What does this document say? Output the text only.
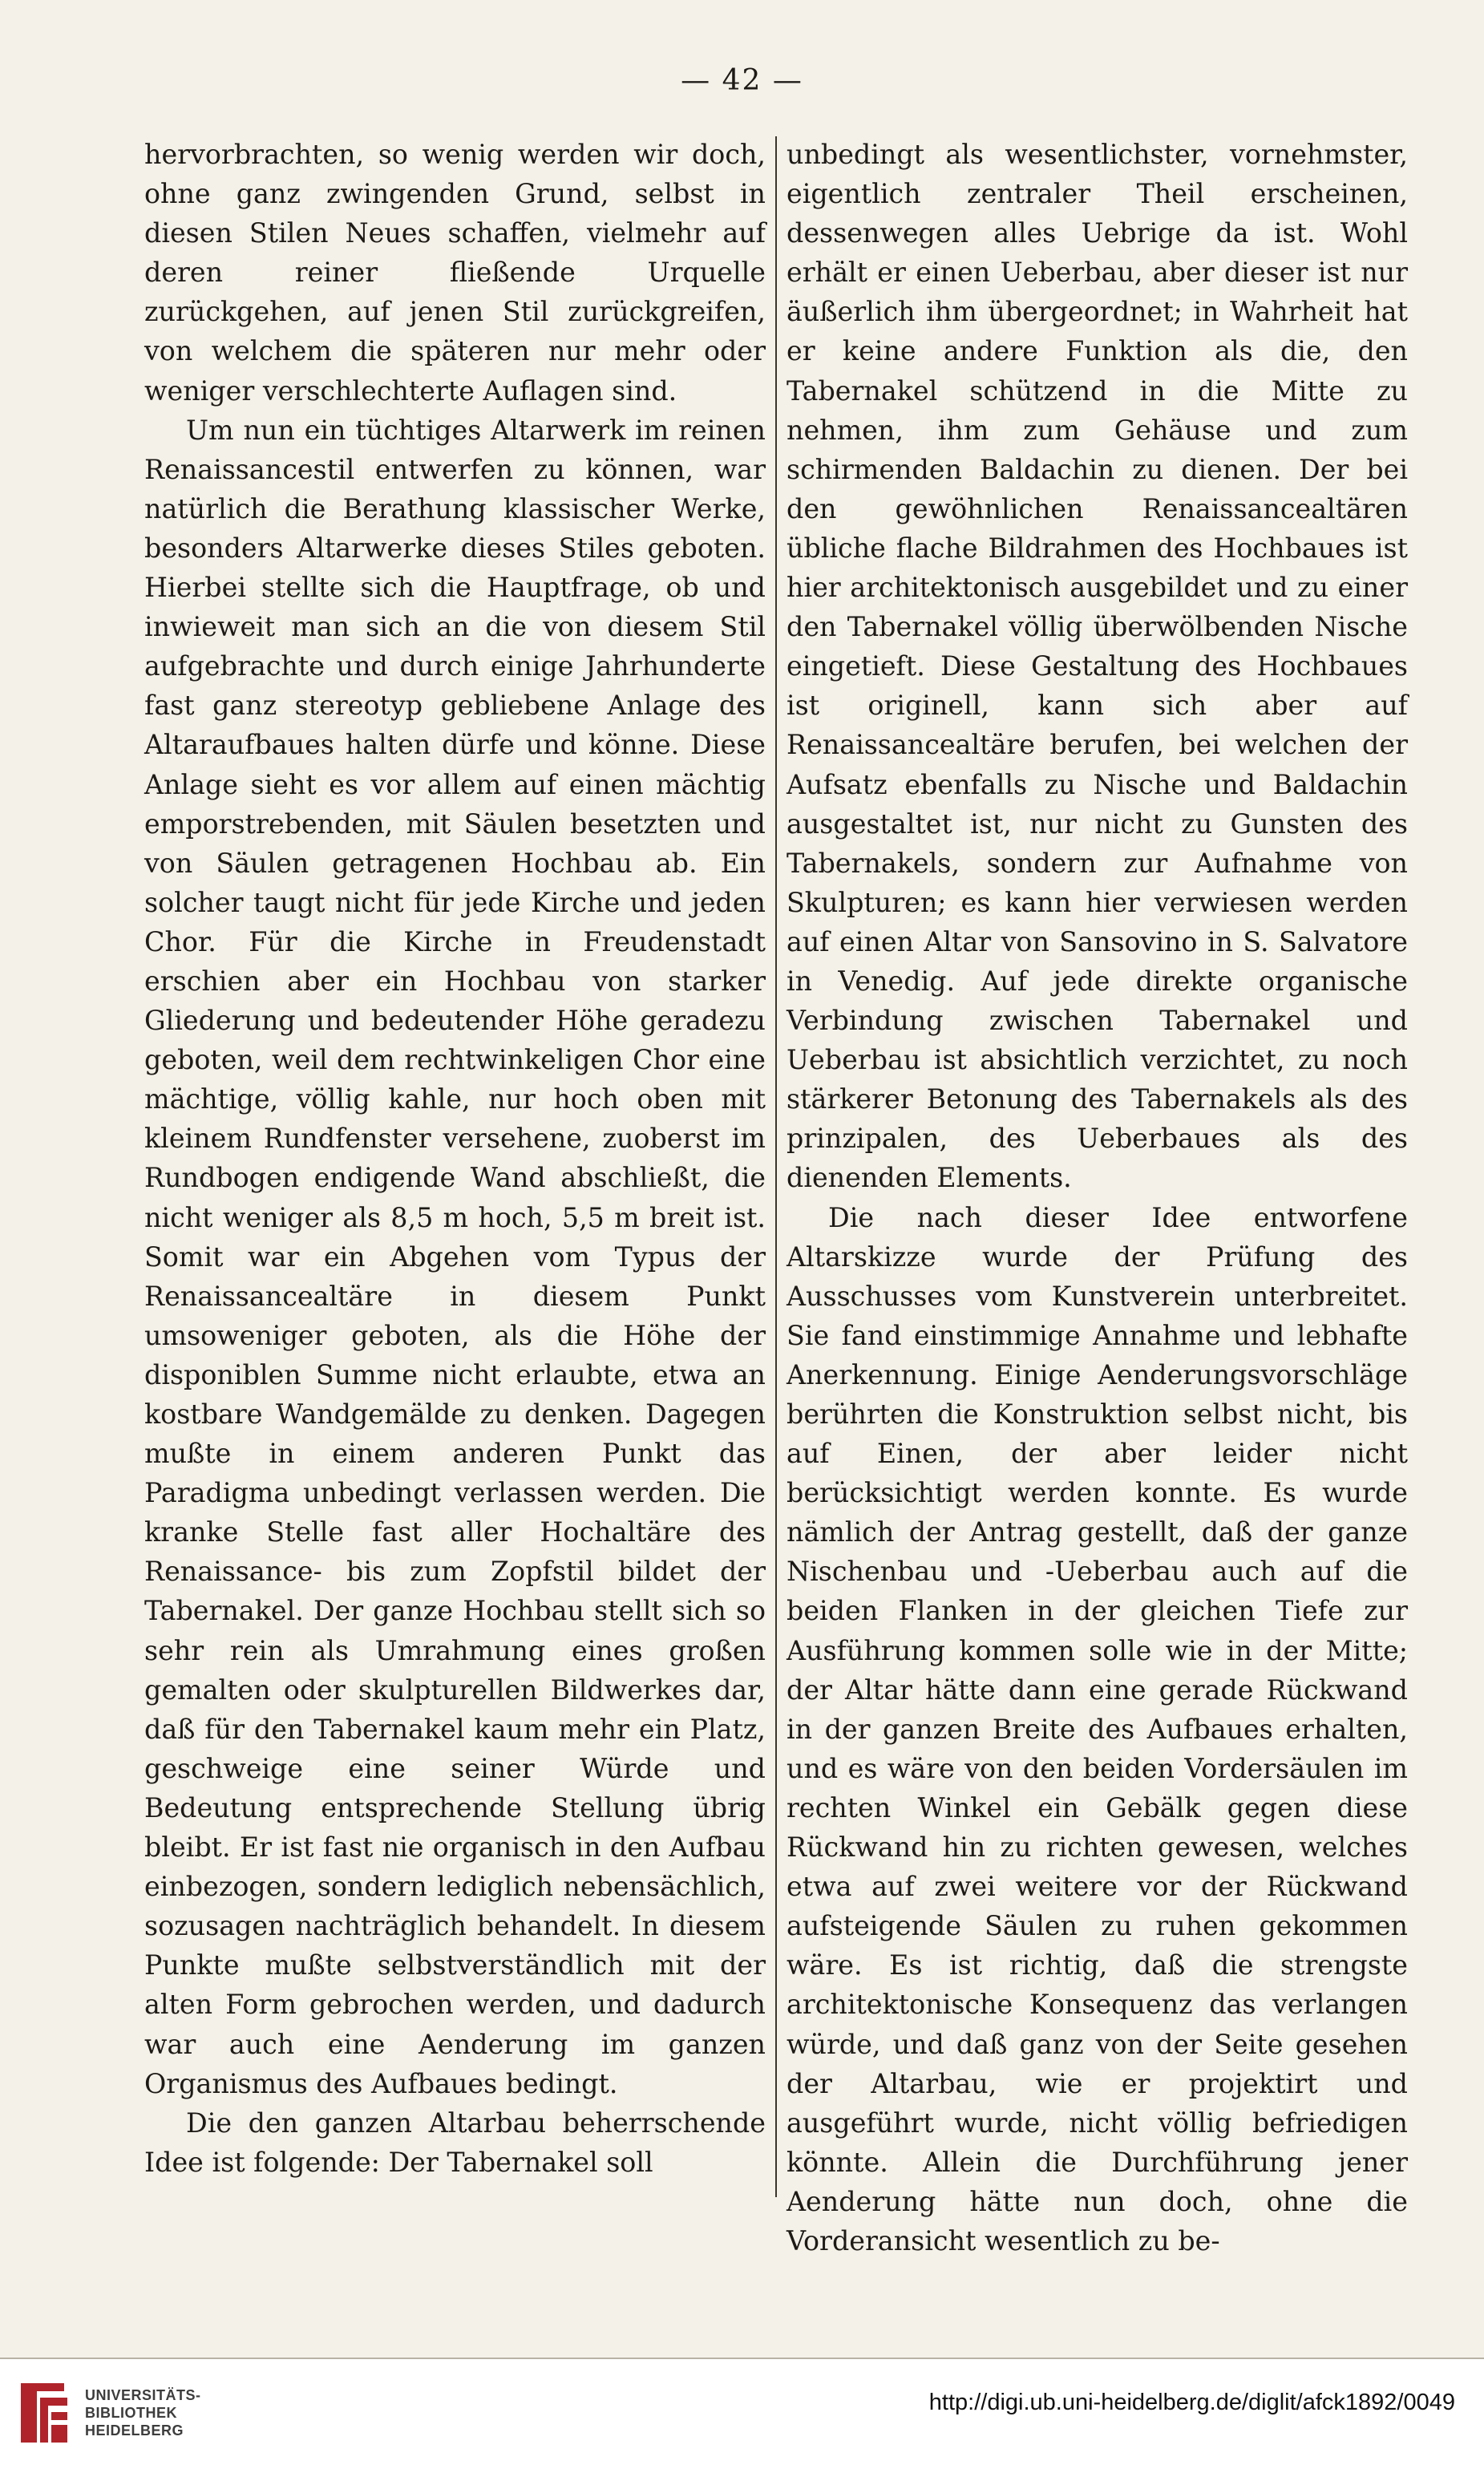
— 42 —

hervorbrachten, so wenig werden wir doch, ohne ganz zwingenden Grund, selbst in diesen Stilen Neues schaffen, vielmehr auf deren reiner fließende Urquelle zurückgehen, auf jenen Stil zurückgreifen, von welchem die späteren nur mehr oder weniger verschlechterte Auflagen sind.

Um nun ein tüchtiges Altarwerk im reinen Renaissancestil entwerfen zu können, war natürlich die Berathung klassischer Werke, besonders Altarwerke dieses Stiles geboten. Hierbei stellte sich die Hauptfrage, ob und inwieweit man sich an die von diesem Stil aufgebrachte und durch einige Jahrhunderte fast ganz stereotyp gebliebene Anlage des Altaraufbaues halten dürfe und könne. Diese Anlage sieht es vor allem auf einen mächtig emporstrebenden, mit Säulen besetzten und von Säulen getragenen Hochbau ab. Ein solcher taugt nicht für jede Kirche und jeden Chor. Für die Kirche in Freudenstadt erschien aber ein Hochbau von starker Gliederung und bedeutender Höhe geradezu geboten, weil dem rechtwinkeligen Chor eine mächtige, völlig kahle, nur hoch oben mit kleinem Rundfenster versehene, zuoberst im Rundbogen endigende Wand abschließt, die nicht weniger als 8,5 m hoch, 5,5 m breit ist. Somit war ein Abgehen vom Typus der Renaissancealtäre in diesem Punkt umsoweniger geboten, als die Höhe der disponiblen Summe nicht erlaubte, etwa an kostbare Wandgemälde zu denken. Dagegen mußte in einem anderen Punkt das Paradigma unbedingt verlassen werden. Die kranke Stelle fast aller Hochaltäre des Renaissance- bis zum Zopfstil bildet der Tabernakel. Der ganze Hochbau stellt sich so sehr rein als Umrahmung eines großen gemalten oder skulpturellen Bildwerkes dar, daß für den Tabernakel kaum mehr ein Platz, geschweige eine seiner Würde und Bedeutung entsprechende Stellung übrig bleibt. Er ist fast nie organisch in den Aufbau einbezogen, sondern lediglich nebensächlich, sozusagen nachträglich behandelt. In diesem Punkte mußte selbstverständlich mit der alten Form gebrochen werden, und dadurch war auch eine Aenderung im ganzen Organismus des Aufbaues bedingt.

Die den ganzen Altarbau beherrschende Idee ist folgende: Der Tabernakel soll

unbedingt als wesentlichster, vornehmster, eigentlich zentraler Theil erscheinen, dessenwegen alles Uebrige da ist. Wohl erhält er einen Ueberbau, aber dieser ist nur äußerlich ihm übergeordnet; in Wahrheit hat er keine andere Funktion als die, den Tabernakel schützend in die Mitte zu nehmen, ihm zum Gehäuse und zum schirmenden Baldachin zu dienen. Der bei den gewöhnlichen Renaissancealtären übliche flache Bildrahmen des Hochbaues ist hier architektonisch ausgebildet und zu einer den Tabernakel völlig überwölbenden Nische eingetieft. Diese Gestaltung des Hochbaues ist originell, kann sich aber auf Renaissancealtäre berufen, bei welchen der Aufsatz ebenfalls zu Nische und Baldachin ausgestaltet ist, nur nicht zu Gunsten des Tabernakels, sondern zur Aufnahme von Skulpturen; es kann hier verwiesen werden auf einen Altar von Sansovino in S. Salvatore in Venedig. Auf jede direkte organische Verbindung zwischen Tabernakel und Ueberbau ist absichtlich verzichtet, zu noch stärkerer Betonung des Tabernakels als des prinzipalen, des Ueberbaues als des dienenden Elements.

Die nach dieser Idee entworfene Altarskizze wurde der Prüfung des Ausschusses vom Kunstverein unterbreitet. Sie fand einstimmige Annahme und lebhafte Anerkennung. Einige Aenderungsvorschläge berührten die Konstruktion selbst nicht, bis auf Einen, der aber leider nicht berücksichtigt werden konnte. Es wurde nämlich der Antrag gestellt, daß der ganze Nischenbau und -Ueberbau auch auf die beiden Flanken in der gleichen Tiefe zur Ausführung kommen solle wie in der Mitte; der Altar hätte dann eine gerade Rückwand in der ganzen Breite des Aufbaues erhalten, und es wäre von den beiden Vordersäulen im rechten Winkel ein Gebälk gegen diese Rückwand hin zu richten gewesen, welches etwa auf zwei weitere vor der Rückwand aufsteigende Säulen zu ruhen gekommen wäre. Es ist richtig, daß die strengste architektonische Konsequenz das verlangen würde, und daß ganz von der Seite gesehen der Altarbau, wie er projektirt und ausgeführt wurde, nicht völlig befriedigen könnte. Allein die Durchführung jener Aenderung hätte nun doch, ohne die Vorderansicht wesentlich zu be-

UNIVERSITÄTS-
BIBLIOTHEK
HEIDELBERG
http://digi.ub.uni-heidelberg.de/diglit/afck1892/0049
